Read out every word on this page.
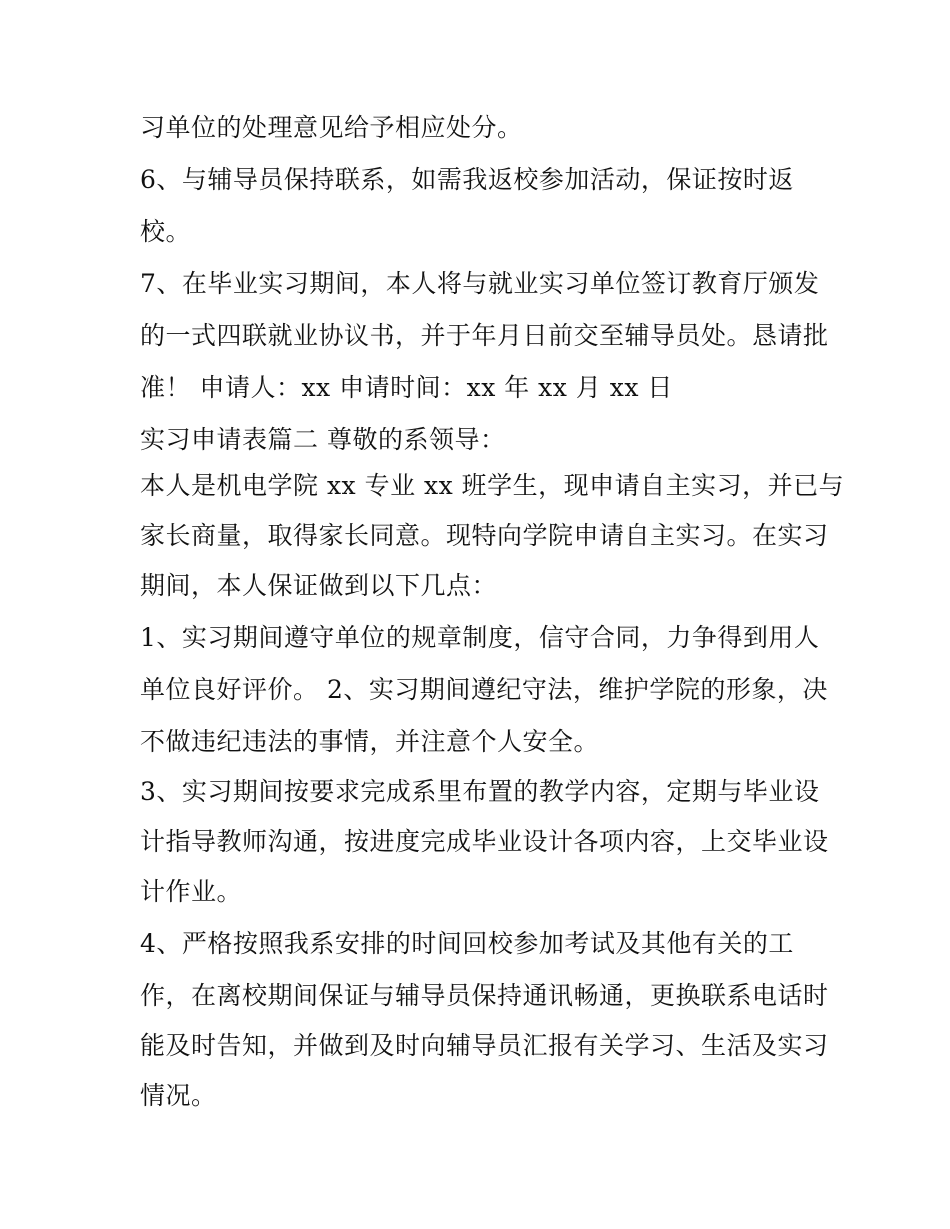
习单位的处理意见给予相应处分。
6、与辅导员保持联系，如需我返校参加活动，保证按时返
校。
7、在毕业实习期间，本人将与就业实习单位签订教育厅颁发
的一式四联就业协议书，并于年月日前交至辅导员处。恳请批
准！ 申请人：xx 申请时间：xx 年 xx 月 xx 日
实习申请表篇二 尊敬的系领导：
本人是机电学院 xx 专业 xx 班学生，现申请自主实习，并已与
家长商量，取得家长同意。现特向学院申请自主实习。在实习
期间，本人保证做到以下几点：
1、实习期间遵守单位的规章制度，信守合同，力争得到用人
单位良好评价。 2、实习期间遵纪守法，维护学院的形象，决
不做违纪违法的事情，并注意个人安全。
3、实习期间按要求完成系里布置的教学内容，定期与毕业设
计指导教师沟通，按进度完成毕业设计各项内容，上交毕业设
计作业。
4、严格按照我系安排的时间回校参加考试及其他有关的工
作，在离校期间保证与辅导员保持通讯畅通，更换联系电话时
能及时告知，并做到及时向辅导员汇报有关学习、生活及实习
情况。
